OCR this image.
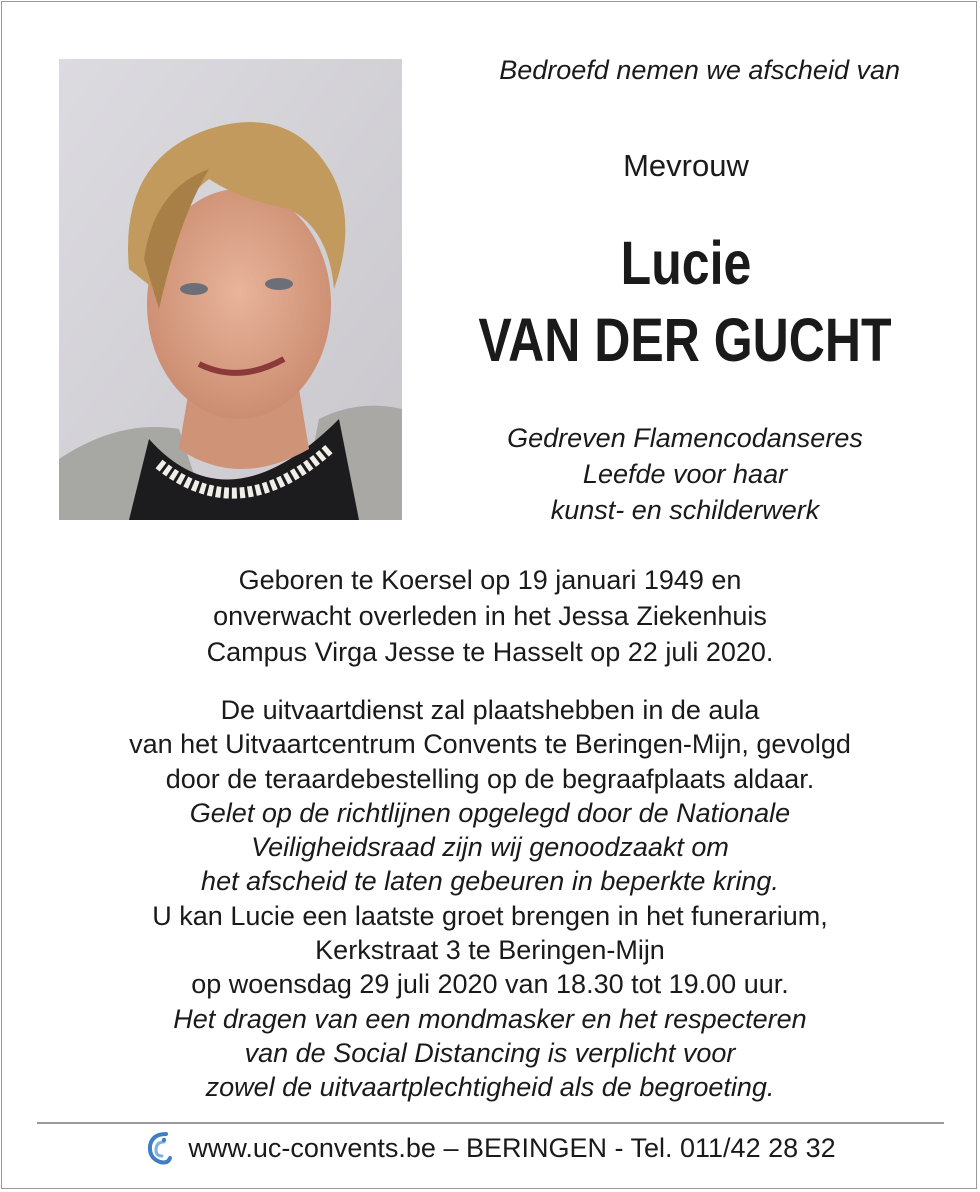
Bedroefd nemen we afscheid van
Mevrouw
Lucie
VAN DER GUCHT
Gedreven Flamencodanseres
Leefde voor haar
kunst- en schilderwerk
Geboren te Koersel op 19 januari 1949 en
onverwacht overleden in het Jessa Ziekenhuis
Campus Virga Jesse te Hasselt op 22 juli 2020.
De uitvaartdienst zal plaatshebben in de aula
van het Uitvaartcentrum Convents te Beringen-Mijn, gevolgd
door de teraardebestelling op de begraafplaats aldaar.
Gelet op de richtlijnen opgelegd door de Nationale
Veiligheidsraad zijn wij genoodzaakt om
het afscheid te laten gebeuren in beperkte kring.
U kan Lucie een laatste groet brengen in het funerarium,
Kerkstraat 3 te Beringen-Mijn
op woensdag 29 juli 2020 van 18.30 tot 19.00 uur.
Het dragen van een mondmasker en het respecteren
van de Social Distancing is verplicht voor
zowel de uitvaartplechtigheid als de begroeting.
www.uc-convents.be – BERINGEN - Tel. 011/42 28 32
